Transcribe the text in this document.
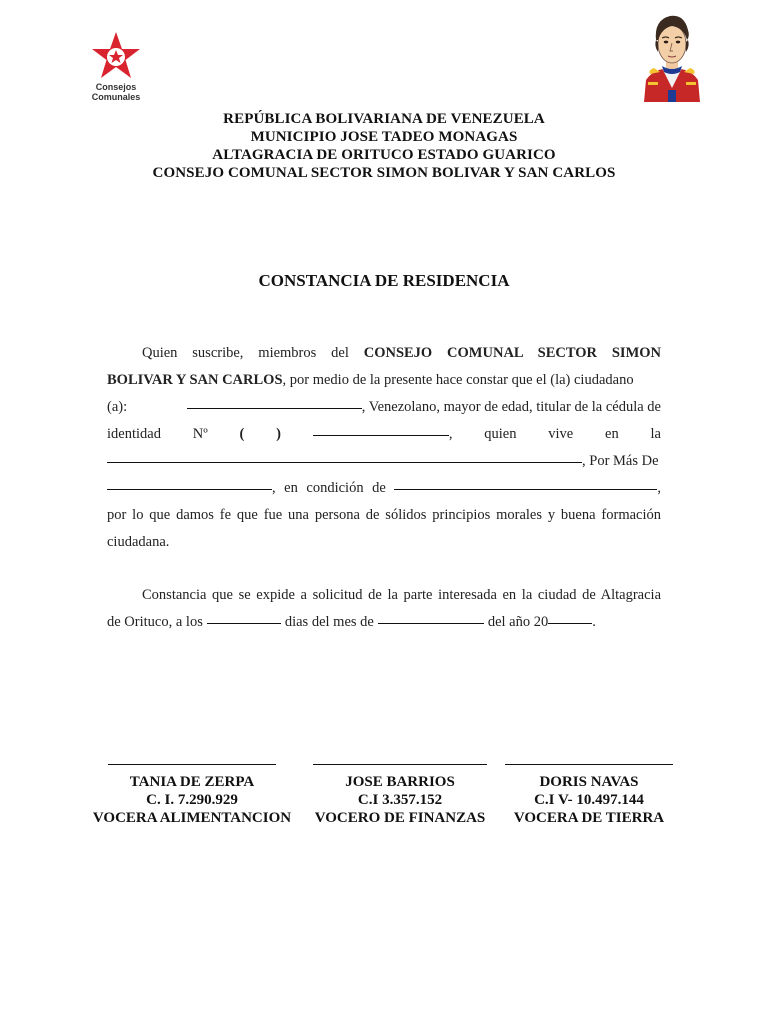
Consejos
Comunales
REPÚBLICA BOLIVARIANA DE VENEZUELA
MUNICIPIO JOSE TADEO MONAGAS
ALTAGRACIA DE ORITUCO ESTADO GUARICO
CONSEJO COMUNAL SECTOR SIMON BOLIVAR Y SAN CARLOS
CONSTANCIA DE RESIDENCIA
Quien suscribe, miembros del CONSEJO COMUNAL SECTOR SIMON
BOLIVAR Y SAN CARLOS, por medio de la presente hace constar que el (la) ciudadano
(a):	, Venezolano, mayor de edad, titular de la cédula de
identidad Nº ( )	, quien vive en la
, Por Más De
, en condición de	,
por lo que damos fe que fue una persona de sólidos principios morales y buena formación
ciudadana.
Constancia que se expide a solicitud de la parte interesada en la ciudad de Altagracia
de Orituco, a los	dias del mes de	del año 20	.
TANIA DE ZERPA
C. I. 7.290.929
VOCERA ALIMENTANCION
JOSE BARRIOS
C.I 3.357.152
VOCERO DE FINANZAS
DORIS NAVAS
C.I V- 10.497.144
VOCERA DE TIERRA
